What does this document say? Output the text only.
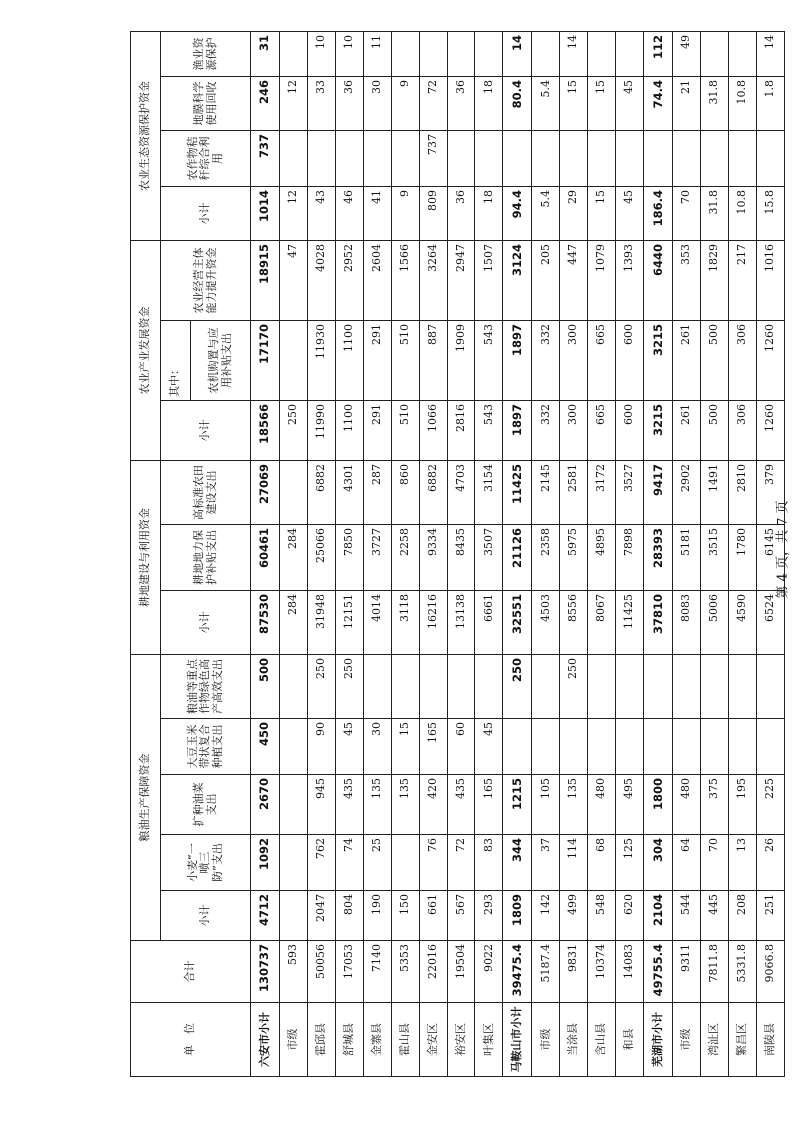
单　位	合计	粮油生产保障资金					耕地建设与利用资金			农业产业发展资金			农业生态资源保护资金			
		小计	小麦“一喷三防”支出	扩种油菜支出	大豆玉米带状复合种植支出	粮油等重点作物绿色高产高效支出	小计	耕地地力保护补贴支出	高标准农田建设支出	小计	其中：	农业经营主体能力提升资金	小计	农作物秸秆综合利用	地膜科学使用回收	渔业资源保护
											农机购置与应用补贴支出					
六安市小计	130737	4712	1092	2670	450	500	87530	60461	27069	18566	17170	18915	1014	737	246	31
市级	593						284	284		250		47	12		12	
霍邱县	50056	2047	762	945	90	250	31948	25066	6882	11990	11930	4028	43		33	10
舒城县	17053	804	74	435	45	250	12151	7850	4301	1100	1100	2952	46		36	10
金寨县	7140	190	25	135	30		4014	3727	287	291	291	2604	41		30	11
霍山县	5353	150		135	15		3118	2258	860	510	510	1566	9		9	
金安区	22016	661	76	420	165		16216	9334	6882	1066	887	3264	809	737	72	
裕安区	19504	567	72	435	60		13138	8435	4703	2816	1909	2947	36		36	
叶集区	9022	293	83	165	45		6661	3507	3154	543	543	1507	18		18	
马鞍山市小计	39475.4	1809	344	1215		250	32551	21126	11425	1897	1897	3124	94.4		80.4	14
市级	5187.4	142	37	105			4503	2358	2145	332	332	205	5.4		5.4	
当涂县	9831	499	114	135		250	8556	5975	2581	300	300	447	29		15	14
含山县	10374	548	68	480			8067	4895	3172	665	665	1079	15		15	
和县	14083	620	125	495			11425	7898	3527	600	600	1393	45		45	
芜湖市小计	49755.4	2104	304	1800			37810	28393	9417	3215	3215	6440	186.4		74.4	112
市级	9311	544	64	480			8083	5181	2902	261	261	353	70		21	49
湾沚区	7811.8	445	70	375			5006	3515	1491	500	500	1829	31.8		31.8	
繁昌区	5331.8	208	13	195			4590	1780	2810	306	306	217	10.8		10.8	
南陵县	9066.8	251	26	225			6524	6145	379	1260	1260	1016	15.8		1.8	14
第 4 页，共 7 页
